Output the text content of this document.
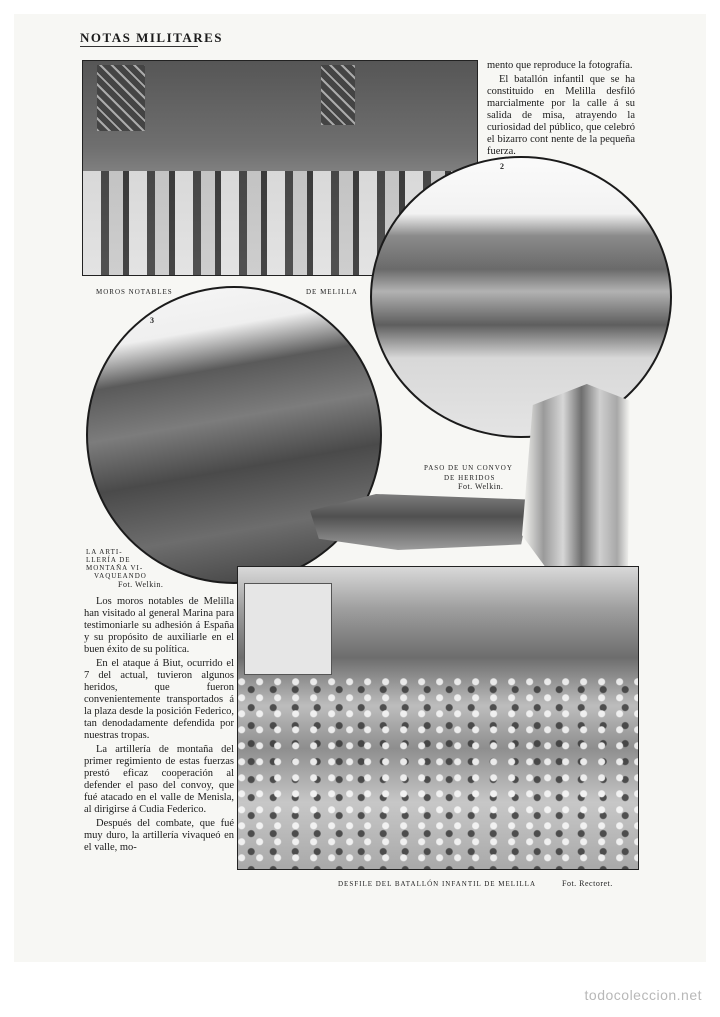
NOTAS MILITARES
MOROS NOTABLES	DE MELILLA
2
3
PASO DE UN CONVOY
DE HERIDOS
Fot. Welkin.
LA ARTI-
LLERÍA DE
MONTAÑA VI-
VAQUEANDO
Fot. Welkin.
DESFILE DEL BATALLÓN INFANTIL DE MELILLA	Fot. Rectoret.

mento que reproduce la fotografía.

El batallón infantil que se ha constituido en Melilla desfiló marcialmente por la calle á su salida de misa, atrayendo la curiosidad del público, que celebró el bizarro cont nente de la pequeña fuerza.

Los moros notables de Melilla han visitado al general Marina para testimoniarle su adhesión á España y su propósito de auxiliarle en el buen éxito de su política.

En el ataque á Biut, ocurrido el 7 del actual, tuvieron algunos heridos, que fueron convenientemente transportados á la plaza desde la posición Federico, tan denodadamente defendida por nuestras tropas.

La artillería de montaña del primer regimiento de estas fuerzas prestó eficaz cooperación al defender el paso del convoy, que fué atacado en el valle de Menisla, al dirigirse á Cudia Federico.

Después del combate, que fué muy duro, la artillería vivaqueó en el valle, mo-

todocoleccion.net
